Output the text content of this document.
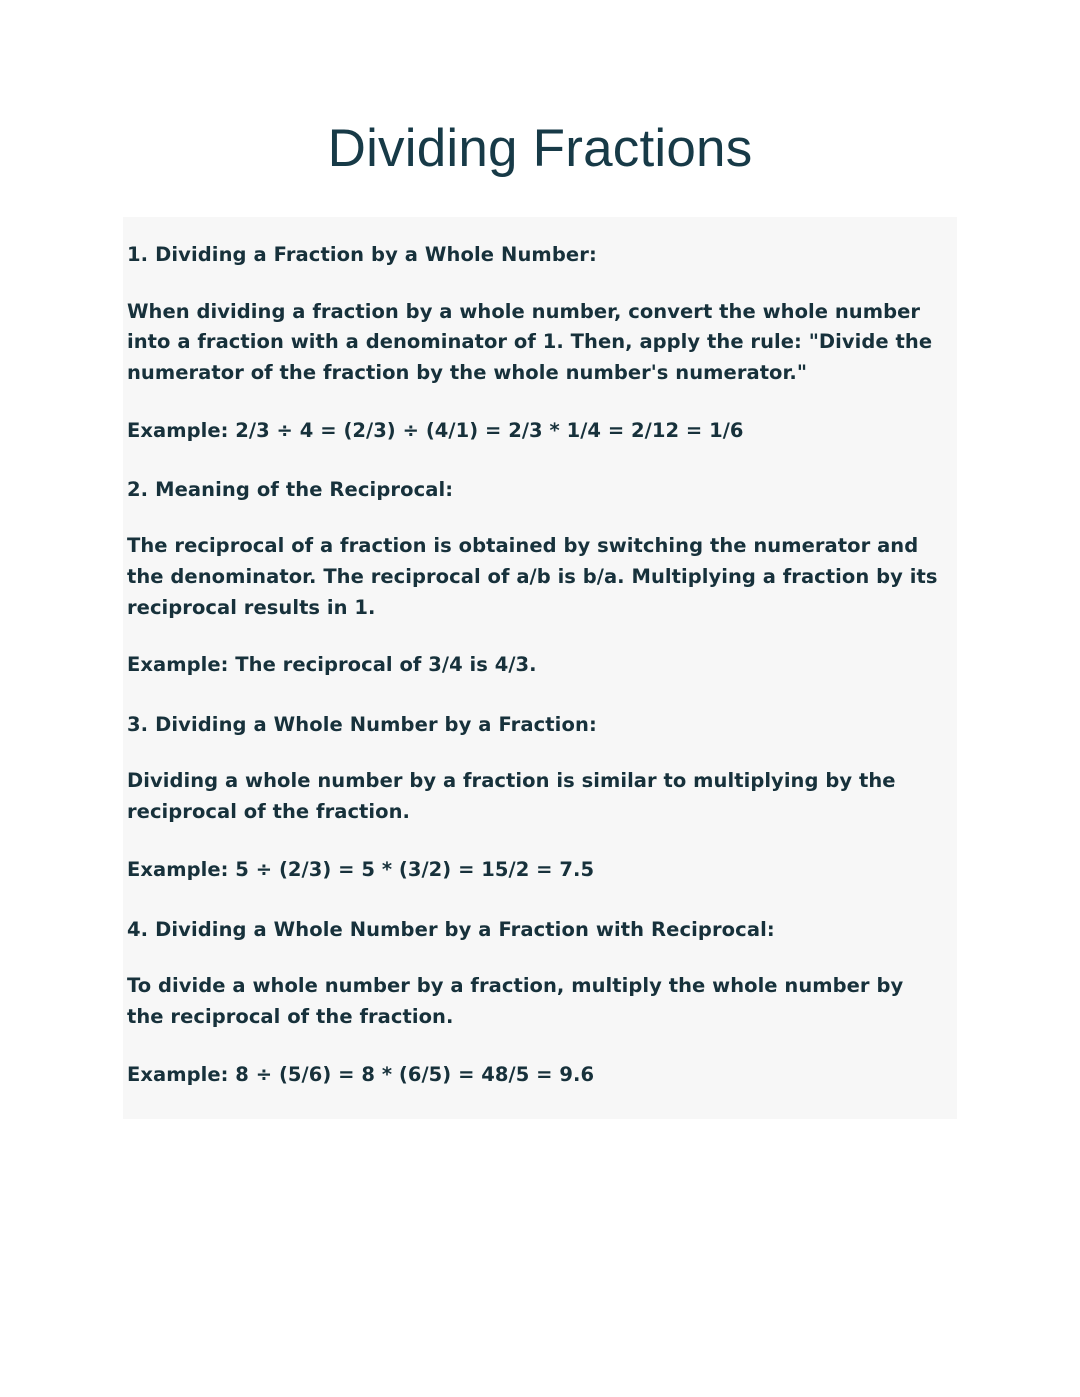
Dividing Fractions
1. Dividing a Fraction by a Whole Number:

When dividing a fraction by a whole number, convert the whole number into a fraction with a denominator of 1. Then, apply the rule: "Divide the numerator of the fraction by the whole number's numerator."

Example: 2/3 ÷ 4 = (2/3) ÷ (4/1) = 2/3 * 1/4 = 2/12 = 1/6

2. Meaning of the Reciprocal:

The reciprocal of a fraction is obtained by switching the numerator and the denominator. The reciprocal of a/b is b/a. Multiplying a fraction by its reciprocal results in 1.

Example: The reciprocal of 3/4 is 4/3.

3. Dividing a Whole Number by a Fraction:

Dividing a whole number by a fraction is similar to multiplying by the reciprocal of the fraction.

Example: 5 ÷ (2/3) = 5 * (3/2) = 15/2 = 7.5

4. Dividing a Whole Number by a Fraction with Reciprocal:

To divide a whole number by a fraction, multiply the whole number by the reciprocal of the fraction.

Example: 8 ÷ (5/6) = 8 * (6/5) = 48/5 = 9.6
